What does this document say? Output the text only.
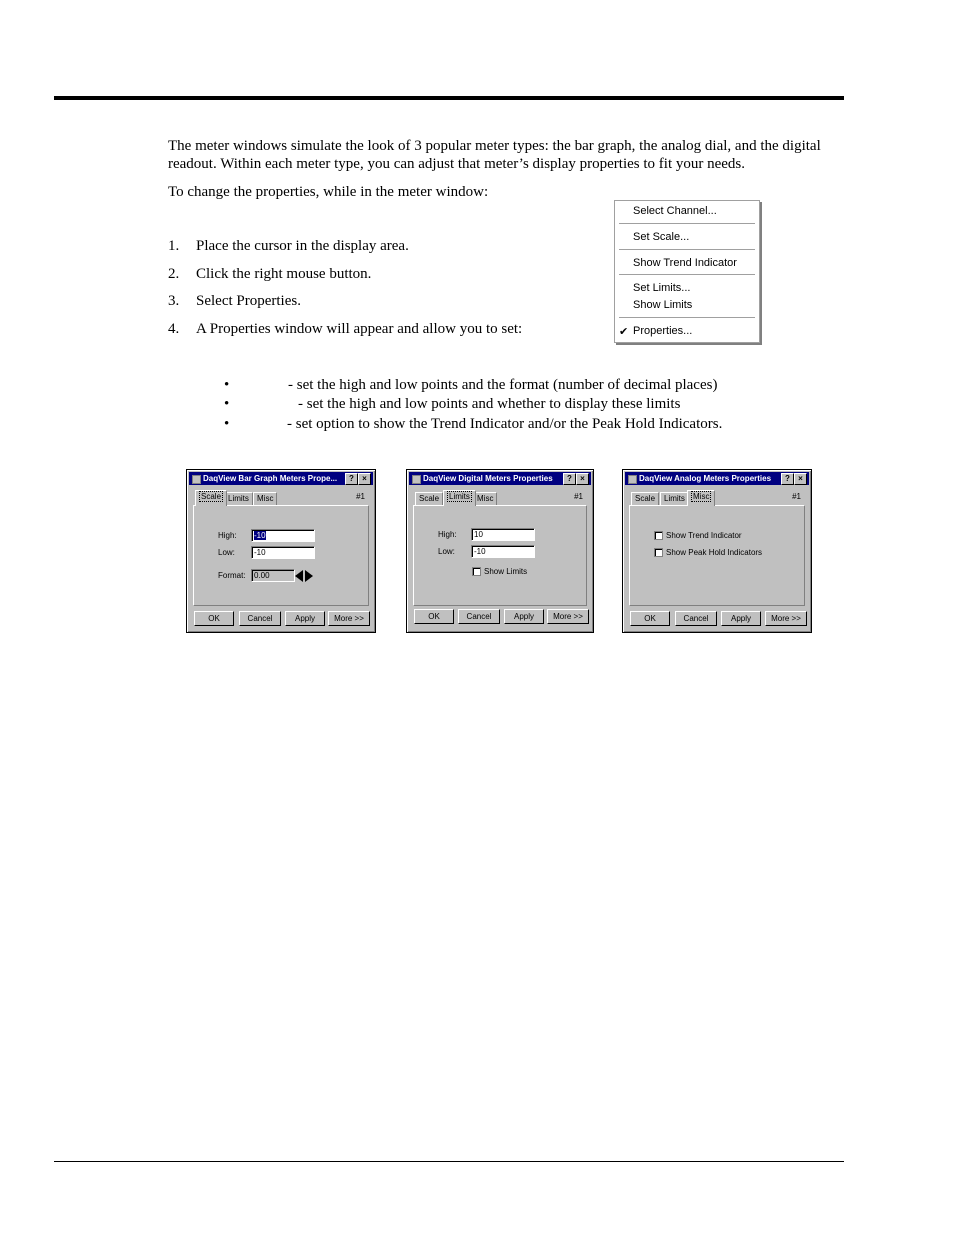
The meter windows simulate the look of 3 popular meter types: the bar graph, the analog dial, and the digital readout. Within each meter type, you can adjust that meter’s display properties to fit your needs.
To change the properties, while in the meter window:
1. Place the cursor in the display area.
2. Click the right mouse button.
3. Select Properties.
4. A Properties window will appear and allow you to set:
•	- set the high and low points and the format (number of decimal places)
•	- set the high and low points and whether to display these limits
•	- set option to show the Trend Indicator and/or the Peak Hold Indicators.
Select Channel...
Set Scale...
Show Trend Indicator
Set Limits...
Show Limits
✔ Properties...
DaqView Bar Graph Meters Prope...	?	×
Scale Limits	Misc	#1
High:	-10
Low:	-10
Format:	0.00
OK	Cancel	Apply	More >>
DaqView Digital Meters Properties	?	×
Scale	Limits Misc	#1
High:	10
Low:	-10
Show Limits
OK	Cancel	Apply	More >>
DaqView Analog Meters Properties	?	×
Scale	Limits	Misc	#1
Show Trend Indicator
Show Peak Hold Indicators
OK	Cancel	Apply	More >>
